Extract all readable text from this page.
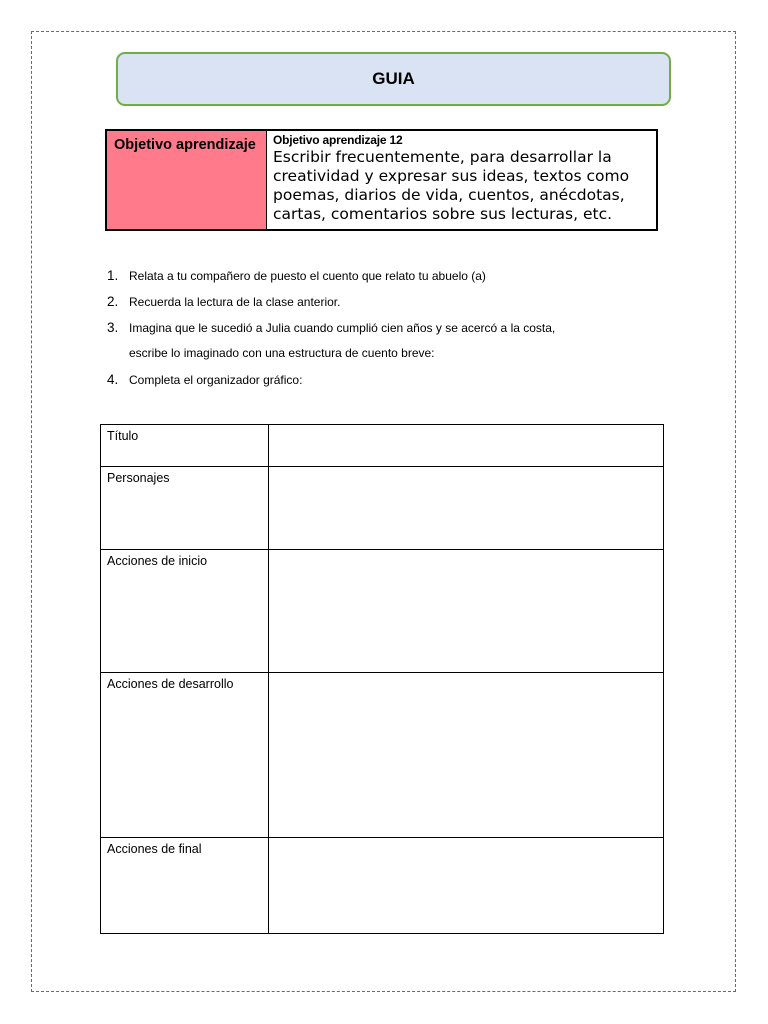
GUIA
Objetivo aprendizaje	Objetivo aprendizaje 12
Escribir frecuentemente, para desarrollar la creatividad y expresar sus ideas, textos como poemas, diarios de vida, cuentos, anécdotas, cartas, comentarios sobre sus lecturas, etc.
1. Relata a tu compañero de puesto el cuento que relato tu abuelo (a)
2. Recuerda la lectura de la clase anterior.
3. Imagina que le sucedió a Julia cuando cumplió cien años y se acercó a la costa,
escribe lo imaginado con una estructura de cuento breve:
4. Completa el organizador gráfico:
Título	
Personajes	
Acciones de inicio	
Acciones de desarrollo	
Acciones de final	
